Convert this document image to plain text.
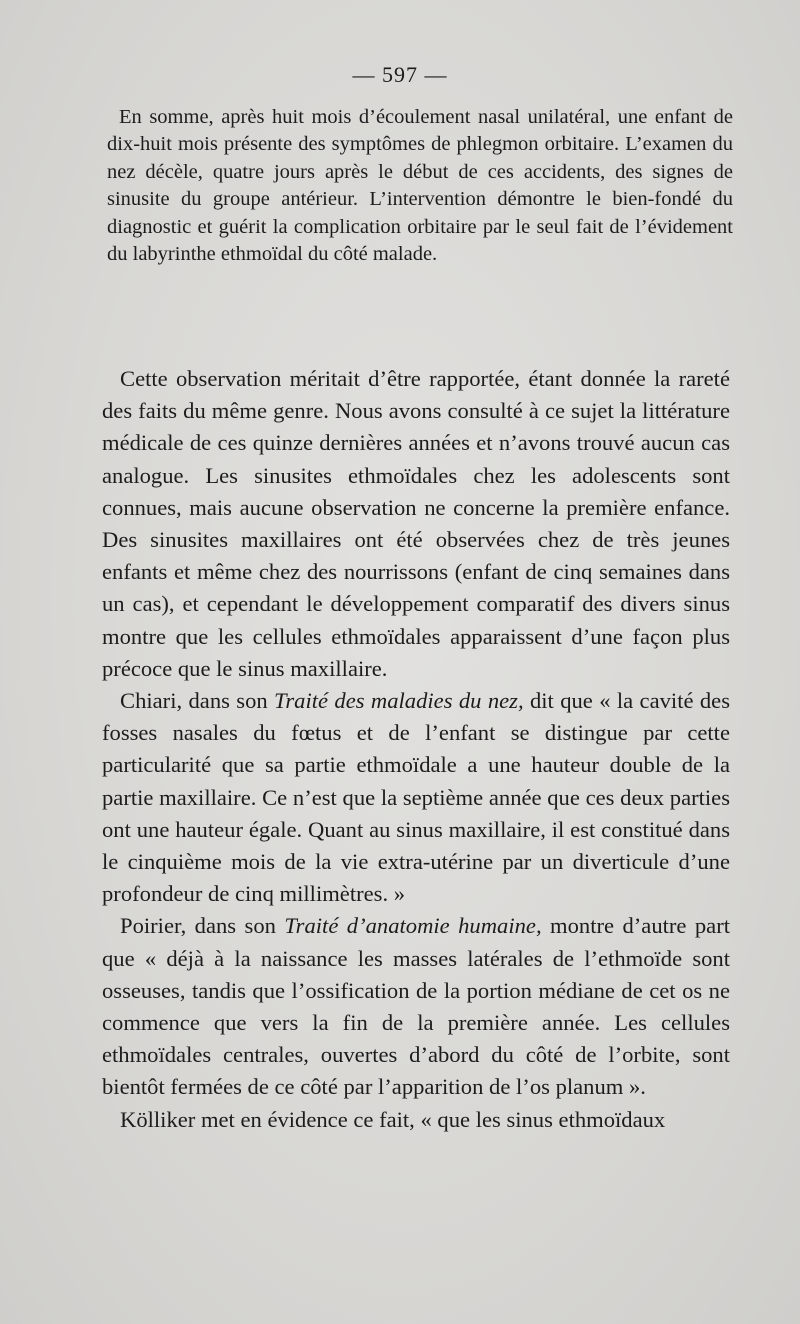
— 597 —

En somme, après huit mois d’écoulement nasal unilatéral, une enfant de dix-huit mois présente des symptômes de phlegmon orbitaire. L’examen du nez décèle, quatre jours après le début de ces accidents, des signes de sinusite du groupe antérieur. L’intervention démontre le bien-fondé du diagnostic et guérit la complication orbitaire par le seul fait de l’évidement du labyrinthe ethmoïdal du côté malade.

Cette observation méritait d’être rapportée, étant donnée la rareté des faits du même genre. Nous avons consulté à ce sujet la littérature médicale de ces quinze dernières années et n’avons trouvé aucun cas analogue. Les sinusites ethmoïdales chez les adolescents sont connues, mais aucune observation ne concerne la première enfance. Des sinusites maxillaires ont été observées chez de très jeunes enfants et même chez des nourrissons (enfant de cinq semaines dans un cas), et cependant le développement comparatif des divers sinus montre que les cellules ethmoïdales apparaissent d’une façon plus précoce que le sinus maxillaire.

Chiari, dans son Traité des maladies du nez, dit que « la cavité des fosses nasales du fœtus et de l’enfant se distingue par cette particularité que sa partie ethmoïdale a une hauteur double de la partie maxillaire. Ce n’est que la septième année que ces deux parties ont une hauteur égale. Quant au sinus maxillaire, il est constitué dans le cinquième mois de la vie extra-utérine par un diverticule d’une profondeur de cinq millimètres. »

Poirier, dans son Traité d’anatomie humaine, montre d’autre part que « déjà à la naissance les masses latérales de l’ethmoïde sont osseuses, tandis que l’ossification de la portion médiane de cet os ne commence que vers la fin de la première année. Les cellules ethmoïdales centrales, ouvertes d’abord du côté de l’orbite, sont bientôt fermées de ce côté par l’apparition de l’os planum ».

Kölliker met en évidence ce fait, « que les sinus ethmoïdaux
